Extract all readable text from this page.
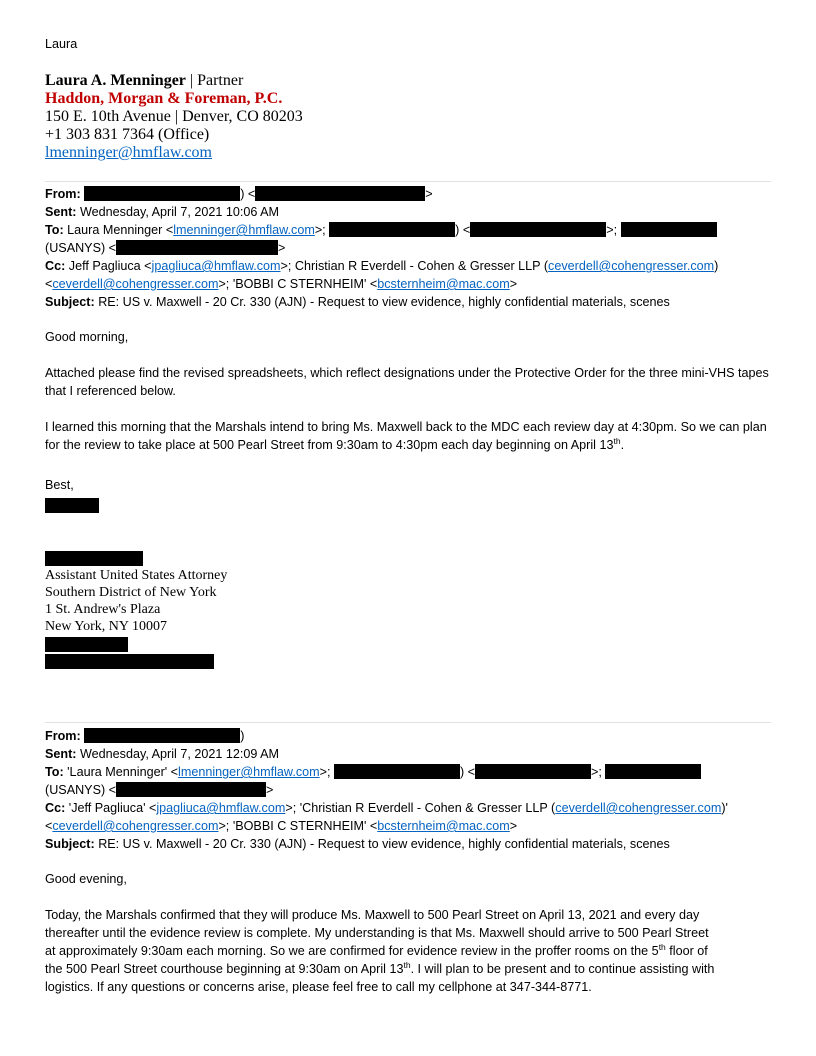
Laura
Laura A. Menninger | Partner
Haddon, Morgan & Foreman, P.C.
150 E. 10th Avenue | Denver, CO 80203
+1 303 831 7364 (Office)
lmenninger@hmflaw.com
From:	) <	>
Sent: Wednesday, April 7, 2021 10:06 AM
To: Laura Menninger <lmenninger@hmflaw.com>;	) <	>;
(USANYS) <	>
Cc: Jeff Pagliuca <jpagliuca@hmflaw.com>; Christian R Everdell - Cohen & Gresser LLP (ceverdell@cohengresser.com)
<ceverdell@cohengresser.com>; 'BOBBI C STERNHEIM' <bcsternheim@mac.com>
Subject: RE: US v. Maxwell - 20 Cr. 330 (AJN) - Request to view evidence, highly confidential materials, scenes
Good morning,
Attached please find the revised spreadsheets, which reflect designations under the Protective Order for the three mini-VHS tapes that I referenced below.
I learned this morning that the Marshals intend to bring Ms. Maxwell back to the MDC each review day at 4:30pm. So we can plan for the review to take place at 500 Pearl Street from 9:30am to 4:30pm each day beginning on April 13th.
Best,
Assistant United States Attorney
Southern District of New York
1 St. Andrew's Plaza
New York, NY 10007
From:	)
Sent: Wednesday, April 7, 2021 12:09 AM
To: 'Laura Menninger' <lmenninger@hmflaw.com>;	) <	>;
(USANYS) <	>
Cc: 'Jeff Pagliuca' <jpagliuca@hmflaw.com>; 'Christian R Everdell - Cohen & Gresser LLP (ceverdell@cohengresser.com)'
<ceverdell@cohengresser.com>; 'BOBBI C STERNHEIM' <bcsternheim@mac.com>
Subject: RE: US v. Maxwell - 20 Cr. 330 (AJN) - Request to view evidence, highly confidential materials, scenes
Good evening,
Today, the Marshals confirmed that they will produce Ms. Maxwell to 500 Pearl Street on April 13, 2021 and every day
thereafter until the evidence review is complete. My understanding is that Ms. Maxwell should arrive to 500 Pearl Street
at approximately 9:30am each morning. So we are confirmed for evidence review in the proffer rooms on the 5th floor of
the 500 Pearl Street courthouse beginning at 9:30am on April 13th. I will plan to be present and to continue assisting with
logistics. If any questions or concerns arise, please feel free to call my cellphone at 347-344-8771.
